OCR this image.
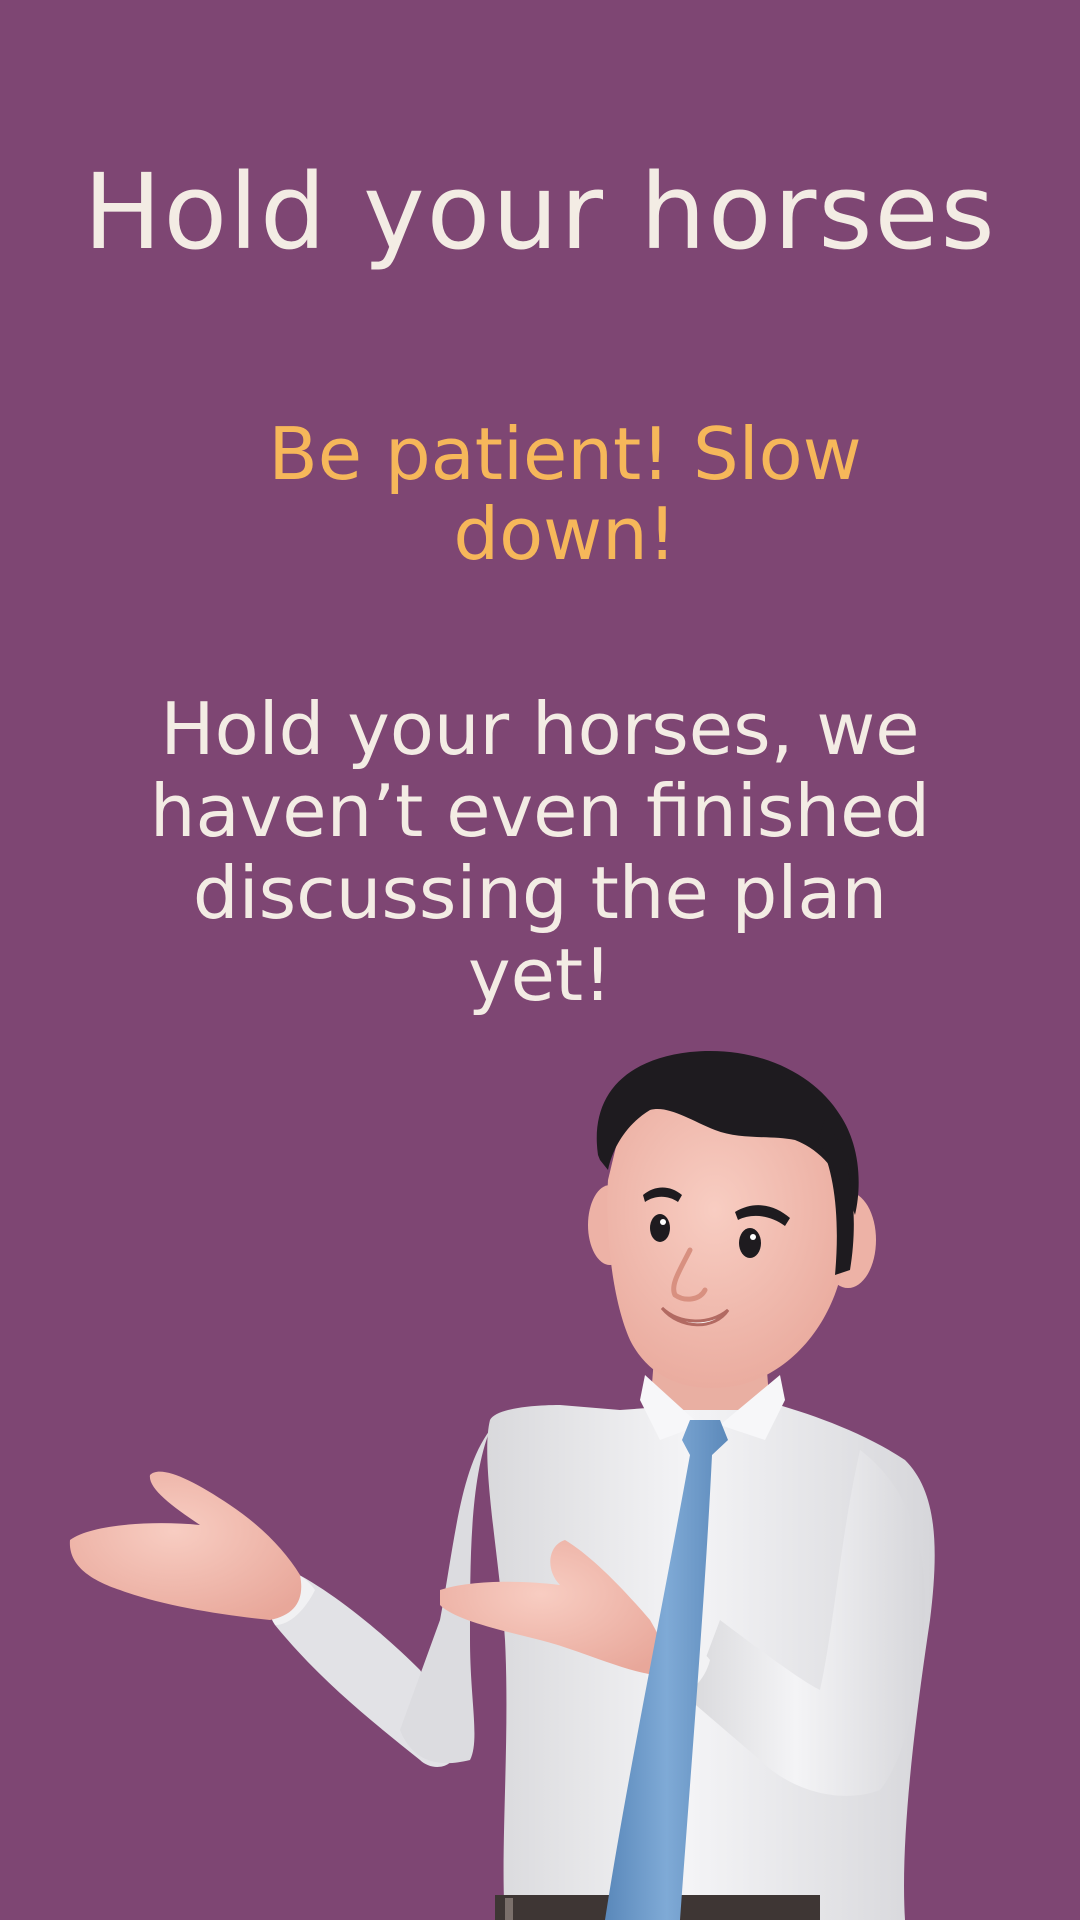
Hold your horses

Be patient! Slow down!

Hold your horses, we haven’t even finished discussing the plan yet!
